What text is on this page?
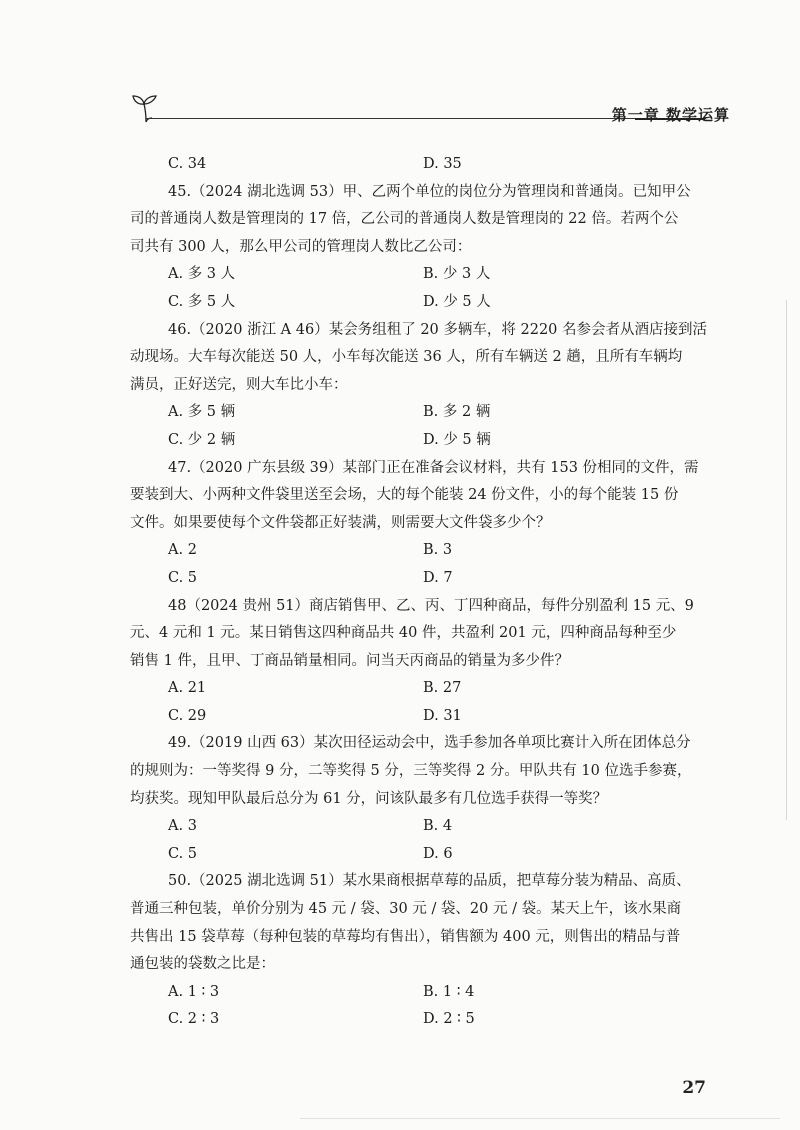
第一章 数学运算
C. 34	D. 35
45.（2024 湖北选调 53）甲、乙两个单位的岗位分为管理岗和普通岗。已知甲公
司的普通岗人数是管理岗的 17 倍，乙公司的普通岗人数是管理岗的 22 倍。若两个公
司共有 300 人，那么甲公司的管理岗人数比乙公司：
A. 多 3 人	B. 少 3 人
C. 多 5 人	D. 少 5 人
46.（2020 浙江 A 46）某会务组租了 20 多辆车，将 2220 名参会者从酒店接到活
动现场。大车每次能送 50 人，小车每次能送 36 人，所有车辆送 2 趟，且所有车辆均
满员，正好送完，则大车比小车：
A. 多 5 辆	B. 多 2 辆
C. 少 2 辆	D. 少 5 辆
47.（2020 广东县级 39）某部门正在准备会议材料，共有 153 份相同的文件，需
要装到大、小两种文件袋里送至会场，大的每个能装 24 份文件，小的每个能装 15 份
文件。如果要使每个文件袋都正好装满，则需要大文件袋多少个？
A. 2	B. 3
C. 5	D. 7
48（2024 贵州 51）商店销售甲、乙、丙、丁四种商品，每件分别盈利 15 元、9
元、4 元和 1 元。某日销售这四种商品共 40 件，共盈利 201 元，四种商品每种至少
销售 1 件，且甲、丁商品销量相同。问当天丙商品的销量为多少件？
A. 21	B. 27
C. 29	D. 31
49.（2019 山西 63）某次田径运动会中，选手参加各单项比赛计入所在团体总分
的规则为：一等奖得 9 分，二等奖得 5 分，三等奖得 2 分。甲队共有 10 位选手参赛，
均获奖。现知甲队最后总分为 61 分，问该队最多有几位选手获得一等奖？
A. 3	B. 4
C. 5	D. 6
50.（2025 湖北选调 51）某水果商根据草莓的品质，把草莓分装为精品、高质、
普通三种包装，单价分别为 45 元 / 袋、30 元 / 袋、20 元 / 袋。某天上午，该水果商
共售出 15 袋草莓（每种包装的草莓均有售出），销售额为 400 元，则售出的精品与普
通包装的袋数之比是：
A. 1 ∶ 3	B. 1 ∶ 4
C. 2 ∶ 3	D. 2 ∶ 5
27
